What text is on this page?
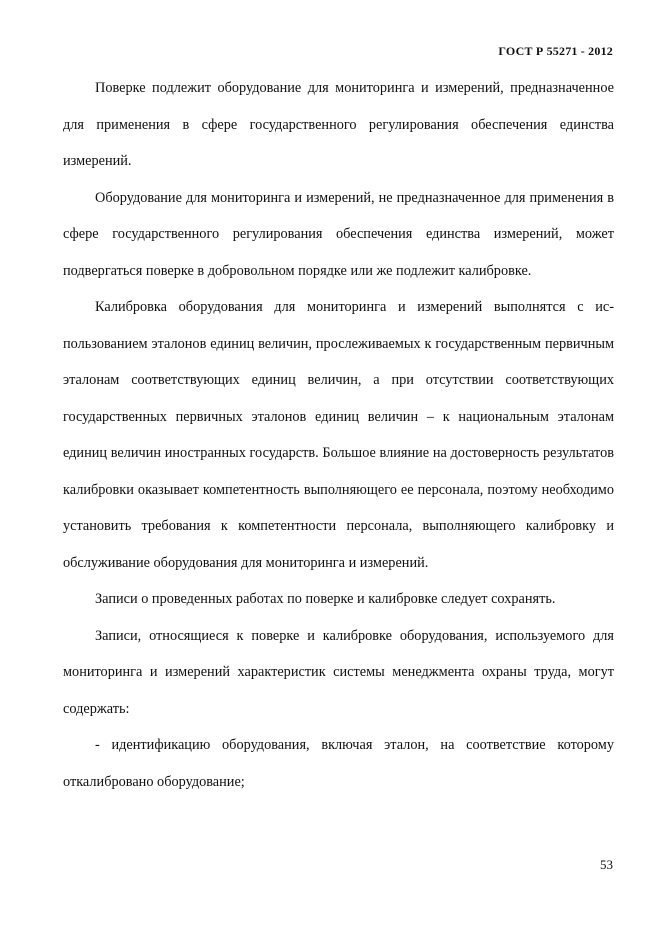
ГОСТ Р 55271 - 2012

Поверке подлежит оборудование для мониторинга и измерений, предназначенное для применения в сфере государственного регулирования обеспечения единства измерений.

Оборудование для мониторинга и измерений, не предназначенное для применения в сфере государственного регулирования обеспечения единства измерений, может подвергаться поверке в добровольном порядке или же подлежит калибровке.

Калибровка оборудования для мониторинга и измерений выполнятся с использованием эталонов единиц величин, прослеживаемых к государственным первичным эталонам соответствующих единиц величин, а при отсутствии соответствующих государственных первичных эталонов единиц величин – к национальным эталонам единиц величин иностранных государств. Большое влияние на достоверность результатов калибровки оказывает компетентность выполняющего ее персонала, поэтому необходимо установить требования к компетентности персонала, выполняющего калибровку и обслуживание оборудования для мониторинга и измерений.

Записи о проведенных работах по поверке и калибровке следует сохранять.

Записи, относящиеся к поверке и калибровке оборудования, используемого для мониторинга и измерений характеристик системы менеджмента охраны труда, могут содержать:

- идентификацию оборудования, включая эталон, на соответствие которому откалибровано оборудование;

53
